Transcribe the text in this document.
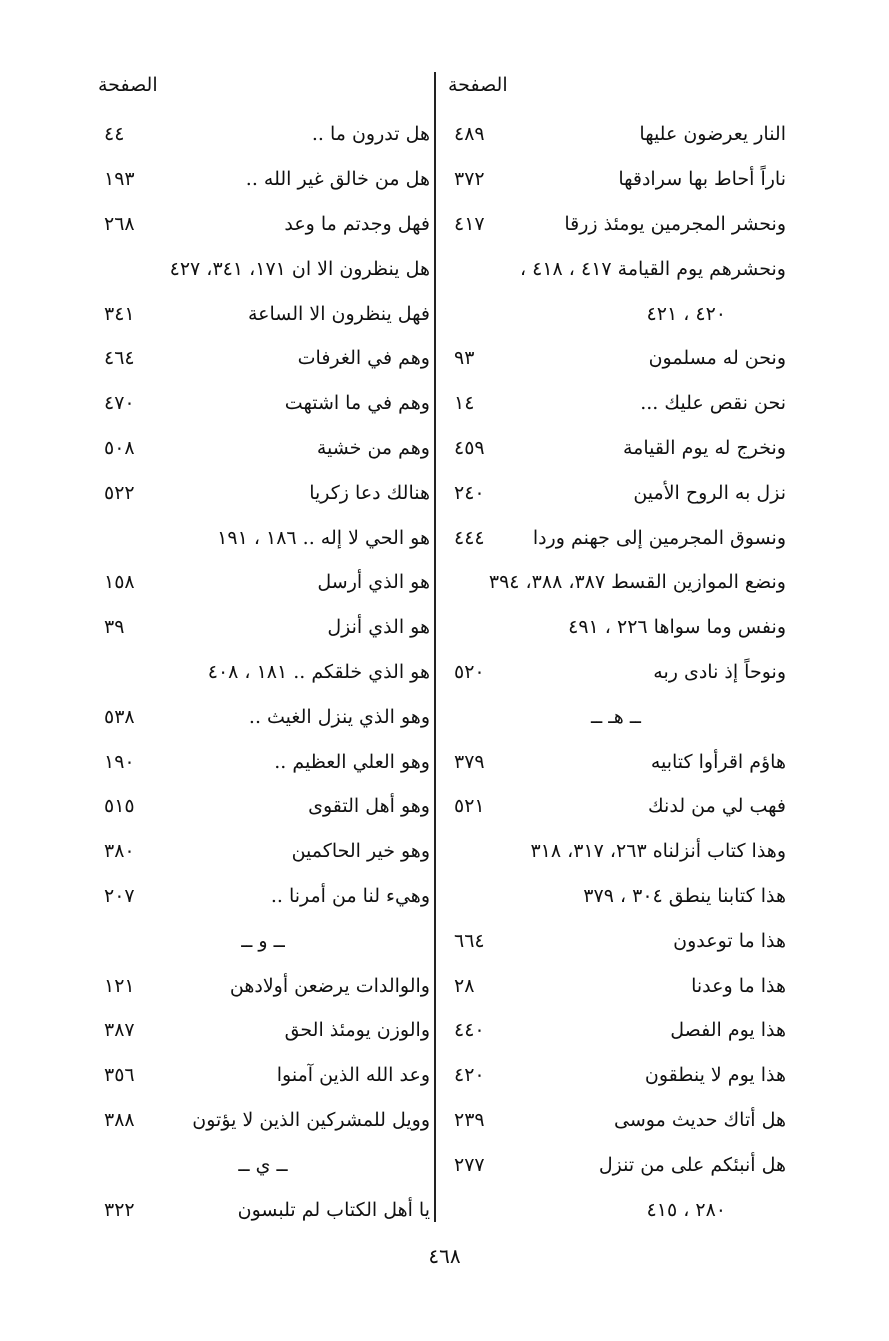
الصفحة
الصفحة
النار يعرضون عليها
٤٨٩
ناراً أحاط بها سرادقها
٣٧٢
ونحشر المجرمين يومئذ زرقا
٤١٧
ونحشرهم يوم القيامة ٤١٧ ، ٤١٨ ،
٤٢٠ ، ٤٢١
ونحن له مسلمون
٩٣
نحن نقص عليك ...
١٤
ونخرج له يوم القيامة
٤٥٩
نزل به الروح الأمين
٢٤٠
ونسوق المجرمين إلى جهنم وردا
٤٤٤
ونضع الموازين القسط ٣٨٧، ٣٨٨، ٣٩٤
ونفس وما سواها ٢٢٦ ، ٤٩١
ونوحاً إذ نادى ربه
٥٢٠
ــ هـ ــ
هاؤم اقرأوا كتابيه
٣٧٩
فهب لي من لدنك
٥٢١
وهذا كتاب أنزلناه ٢٦٣، ٣١٧، ٣١٨
هذا كتابنا ينطق ٣٠٤ ، ٣٧٩
هذا ما توعدون
٦٦٤
هذا ما وعدنا
٢٨
هذا يوم الفصل
٤٤٠
هذا يوم لا ينطقون
٤٢٠
هل أتاك حديث موسى
٢٣٩
هل أنبئكم على من تنزل
٢٧٧
٢٨٠ ، ٤١٥
هل تدرون ما ..
٤٤
هل من خالق غير الله ..
١٩٣
فهل وجدتم ما وعد
٢٦٨
هل ينظرون الا ان ١٧١، ٣٤١، ٤٢٧
فهل ينظرون الا الساعة
٣٤١
وهم في الغرفات
٤٦٤
وهم في ما اشتهت
٤٧٠
وهم من خشية
٥٠٨
هنالك دعا زكريا
٥٢٢
هو الحي لا إله .. ١٨٦ ، ١٩١
هو الذي أرسل
١٥٨
هو الذي أنزل
٣٩
هو الذي خلقكم .. ١٨١ ، ٤٠٨
وهو الذي ينزل الغيث ..
٥٣٨
وهو العلي العظيم ..
١٩٠
وهو أهل التقوى
٥١٥
وهو خير الحاكمين
٣٨٠
وهيء لنا من أمرنا ..
٢٠٧
ــ و ــ
والوالدات يرضعن أولادهن
١٢١
والوزن يومئذ الحق
٣٨٧
وعد الله الذين آمنوا
٣٥٦
وويل للمشركين الذين لا يؤتون
٣٨٨
ــ ي ــ
يا أهل الكتاب لم تلبسون
٣٢٢
٤٦٨
